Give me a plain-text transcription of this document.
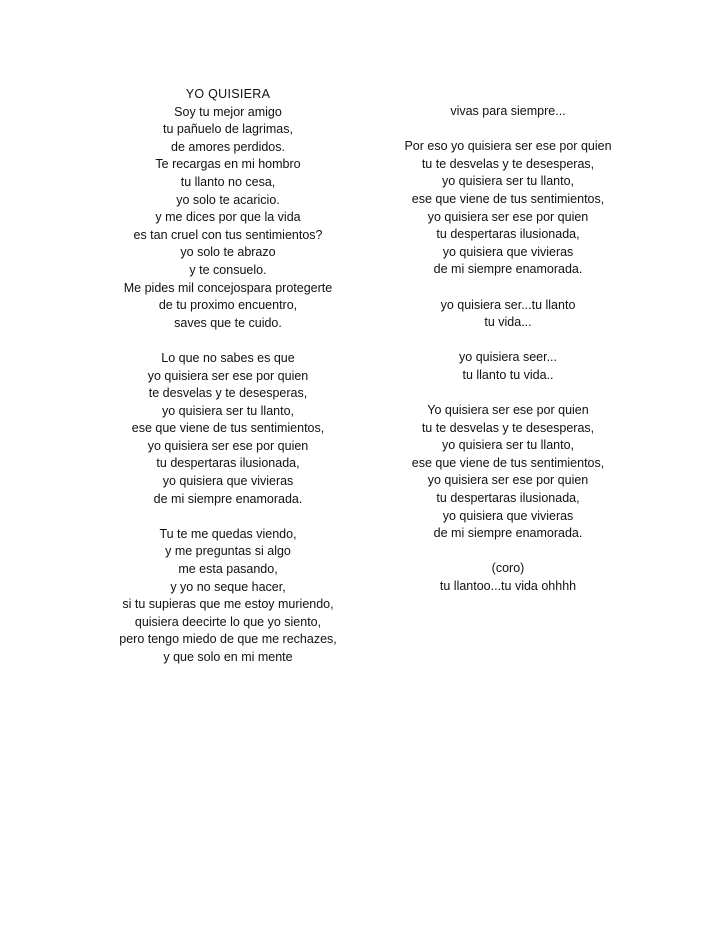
YO QUISIERA
Soy tu mejor amigo
tu pañuelo de lagrimas,
de amores perdidos.
Te recargas en mi hombro
tu llanto no cesa,
yo solo te acaricio.
y me dices por que la vida
es tan cruel con tus sentimientos?
yo solo te abrazo
y te consuelo.
Me pides mil concejospara protegerte
de tu proximo encuentro,
saves que te cuido.
Lo que no sabes es que
yo quisiera ser ese por quien
te desvelas y te desesperas,
yo quisiera ser tu llanto,
ese que viene de tus sentimientos,
yo quisiera ser ese por quien
tu despertaras ilusionada,
yo quisiera que vivieras
de mi siempre enamorada.
Tu te me quedas viendo,
y me preguntas si algo
me esta pasando,
y yo no seque hacer,
si tu supieras que me estoy muriendo,
quisiera deecirte lo que yo siento,
pero tengo miedo de que me rechazes,
y que solo en mi mente
vivas para siempre...
Por eso yo quisiera ser ese por quien
tu te desvelas y te desesperas,
yo quisiera ser tu llanto,
ese que viene de tus sentimientos,
yo quisiera ser ese por quien
tu despertaras ilusionada,
yo quisiera que vivieras
de mi siempre enamorada.
yo quisiera ser...tu llanto
tu vida...
yo quisiera seer...
tu llanto tu vida..
Yo quisiera ser ese por quien
tu te desvelas y te desesperas,
yo quisiera ser tu llanto,
ese que viene de tus sentimientos,
yo quisiera ser ese por quien
tu despertaras ilusionada,
yo quisiera que vivieras
de mi siempre enamorada.
(coro)
tu llantoo...tu vida ohhhh
